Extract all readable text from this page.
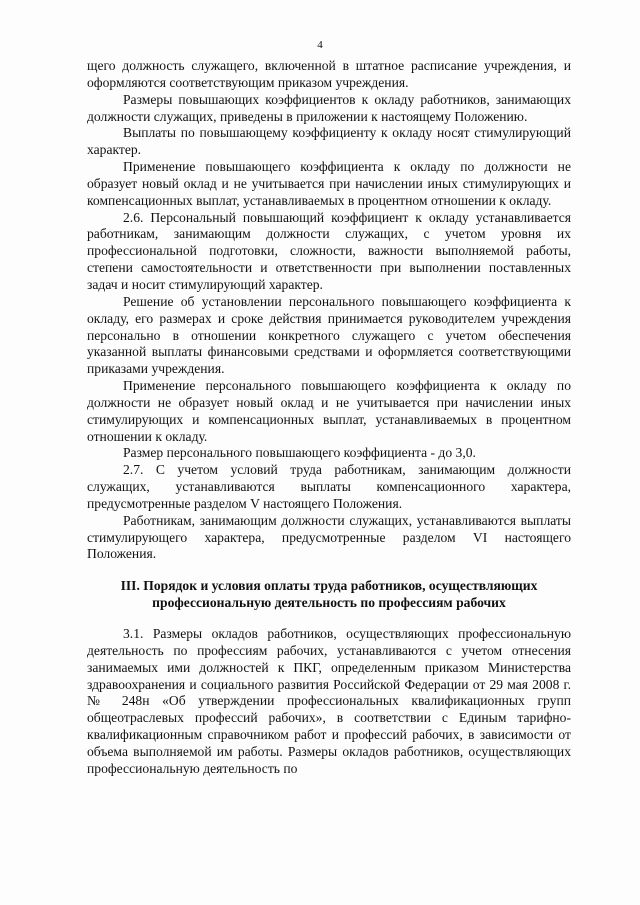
4

щего должность служащего, включенной в штатное расписание учреждения, и оформляются соответствующим приказом учреждения.

Размеры повышающих коэффициентов к окладу работников, занимающих должности служащих, приведены в приложении к настоящему Положению.

Выплаты по повышающему коэффициенту к окладу носят стимулирующий характер.

Применение повышающего коэффициента к окладу по должности не образует новый оклад и не учитывается при начислении иных стимулирующих и компенсационных выплат, устанавливаемых в процентном отношении к окладу.

2.6. Персональный повышающий коэффициент к окладу устанавливается работникам, занимающим должности служащих, с учетом уровня их профессиональной подготовки, сложности, важности выполняемой работы, степени самостоятельности и ответственности при выполнении поставленных задач и носит стимулирующий характер.

Решение об установлении персонального повышающего коэффициента к окладу, его размерах и сроке действия принимается руководителем учреждения персонально в отношении конкретного служащего с учетом обеспечения указанной выплаты финансовыми средствами и оформляется соответствующими приказами учреждения.

Применение персонального повышающего коэффициента к окладу по должности не образует новый оклад и не учитывается при начислении иных стимулирующих и компенсационных выплат, устанавливаемых в процентном отношении к окладу.

Размер персонального повышающего коэффициента - до 3,0.

2.7. С учетом условий труда работникам, занимающим должности служащих, устанавливаются выплаты компенсационного характера, предусмотренные разделом V настоящего Положения.

Работникам, занимающим должности служащих, устанавливаются выплаты стимулирующего характера, предусмотренные разделом VI настоящего Положения.

III. Порядок и условия оплаты труда работников, осуществляющих профессиональную деятельность по профессиям рабочих

3.1. Размеры окладов работников, осуществляющих профессиональную деятельность по профессиям рабочих, устанавливаются с учетом отнесения занимаемых ими должностей к ПКГ, определенным приказом Министерства здравоохранения и социального развития Российской Федерации от 29 мая 2008 г. № 248н «Об утверждении профессиональных квалификационных групп общеотраслевых профессий рабочих», в соответствии с Единым тарифно-квалификационным справочником работ и профессий рабочих, в зависимости от объема выполняемой им работы. Размеры окладов работников, осуществляющих профессиональную деятельность по
